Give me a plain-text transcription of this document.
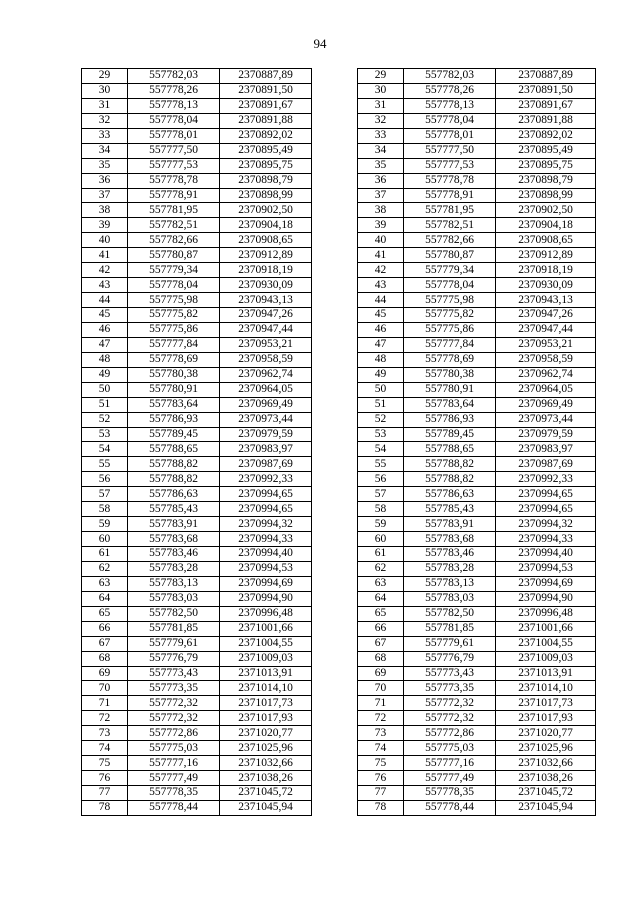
94
29	557782,03	2370887,89		29	557782,03	2370887,89
30	557778,26	2370891,50		30	557778,26	2370891,50
31	557778,13	2370891,67		31	557778,13	2370891,67
32	557778,04	2370891,88		32	557778,04	2370891,88
33	557778,01	2370892,02		33	557778,01	2370892,02
34	557777,50	2370895,49		34	557777,50	2370895,49
35	557777,53	2370895,75		35	557777,53	2370895,75
36	557778,78	2370898,79		36	557778,78	2370898,79
37	557778,91	2370898,99		37	557778,91	2370898,99
38	557781,95	2370902,50		38	557781,95	2370902,50
39	557782,51	2370904,18		39	557782,51	2370904,18
40	557782,66	2370908,65		40	557782,66	2370908,65
41	557780,87	2370912,89		41	557780,87	2370912,89
42	557779,34	2370918,19		42	557779,34	2370918,19
43	557778,04	2370930,09		43	557778,04	2370930,09
44	557775,98	2370943,13		44	557775,98	2370943,13
45	557775,82	2370947,26		45	557775,82	2370947,26
46	557775,86	2370947,44		46	557775,86	2370947,44
47	557777,84	2370953,21		47	557777,84	2370953,21
48	557778,69	2370958,59		48	557778,69	2370958,59
49	557780,38	2370962,74		49	557780,38	2370962,74
50	557780,91	2370964,05		50	557780,91	2370964,05
51	557783,64	2370969,49		51	557783,64	2370969,49
52	557786,93	2370973,44		52	557786,93	2370973,44
53	557789,45	2370979,59		53	557789,45	2370979,59
54	557788,65	2370983,97		54	557788,65	2370983,97
55	557788,82	2370987,69		55	557788,82	2370987,69
56	557788,82	2370992,33		56	557788,82	2370992,33
57	557786,63	2370994,65		57	557786,63	2370994,65
58	557785,43	2370994,65		58	557785,43	2370994,65
59	557783,91	2370994,32		59	557783,91	2370994,32
60	557783,68	2370994,33		60	557783,68	2370994,33
61	557783,46	2370994,40		61	557783,46	2370994,40
62	557783,28	2370994,53		62	557783,28	2370994,53
63	557783,13	2370994,69		63	557783,13	2370994,69
64	557783,03	2370994,90		64	557783,03	2370994,90
65	557782,50	2370996,48		65	557782,50	2370996,48
66	557781,85	2371001,66		66	557781,85	2371001,66
67	557779,61	2371004,55		67	557779,61	2371004,55
68	557776,79	2371009,03		68	557776,79	2371009,03
69	557773,43	2371013,91		69	557773,43	2371013,91
70	557773,35	2371014,10		70	557773,35	2371014,10
71	557772,32	2371017,73		71	557772,32	2371017,73
72	557772,32	2371017,93		72	557772,32	2371017,93
73	557772,86	2371020,77		73	557772,86	2371020,77
74	557775,03	2371025,96		74	557775,03	2371025,96
75	557777,16	2371032,66		75	557777,16	2371032,66
76	557777,49	2371038,26		76	557777,49	2371038,26
77	557778,35	2371045,72		77	557778,35	2371045,72
78	557778,44	2371045,94		78	557778,44	2371045,94
